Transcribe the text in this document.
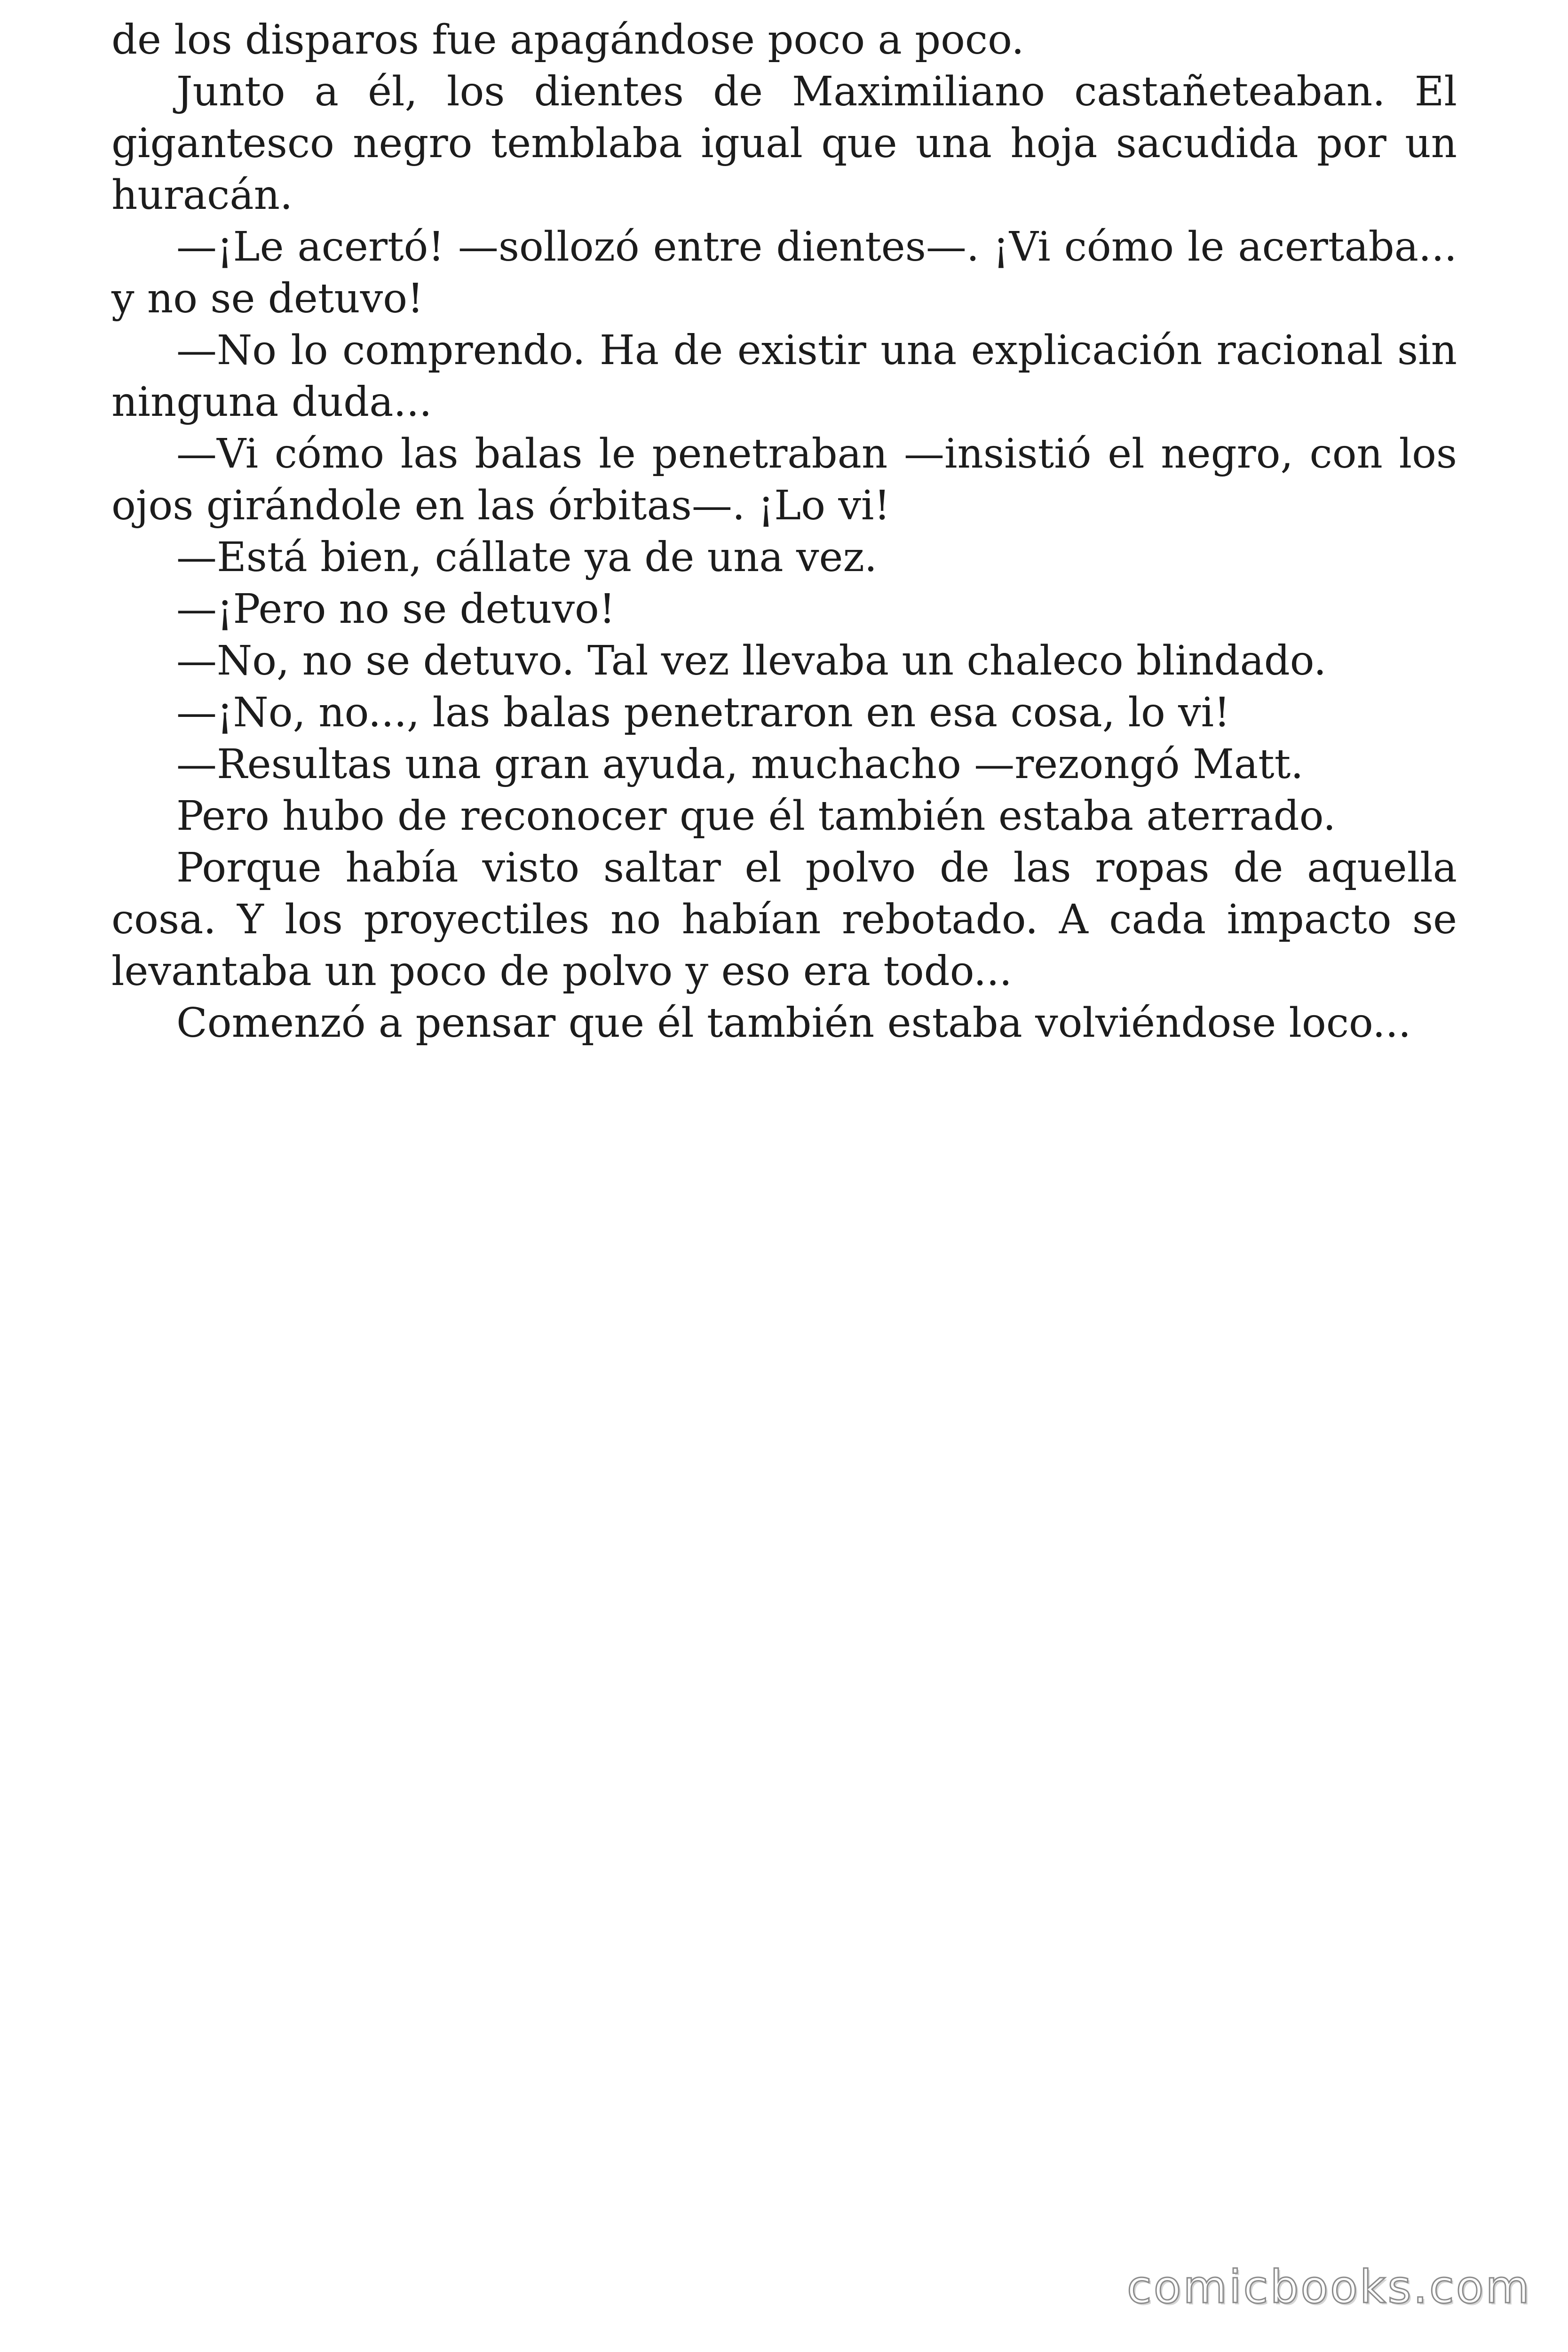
de los disparos fue apagándose poco a poco.

Junto a él, los dientes de Maximiliano castañeteaban. El gigantesco negro temblaba igual que una hoja sacudida por un huracán.

—¡Le acertó! —sollozó entre dientes—. ¡Vi cómo le acertaba... y no se detuvo!

—No lo comprendo. Ha de existir una explicación racional sin ninguna duda...

—Vi cómo las balas le penetraban —insistió el negro, con los ojos girándole en las órbitas—. ¡Lo vi!

—Está bien, cállate ya de una vez.

—¡Pero no se detuvo!

—No, no se detuvo. Tal vez llevaba un chaleco blindado.

—¡No, no..., las balas penetraron en esa cosa, lo vi!

—Resultas una gran ayuda, muchacho —rezongó Matt.

Pero hubo de reconocer que él también estaba aterrado.

Porque había visto saltar el polvo de las ropas de aquella cosa. Y los proyectiles no habían rebotado. A cada impacto se levantaba un poco de polvo y eso era todo...

Comenzó a pensar que él también estaba volviéndose loco...

comicbooks.com
